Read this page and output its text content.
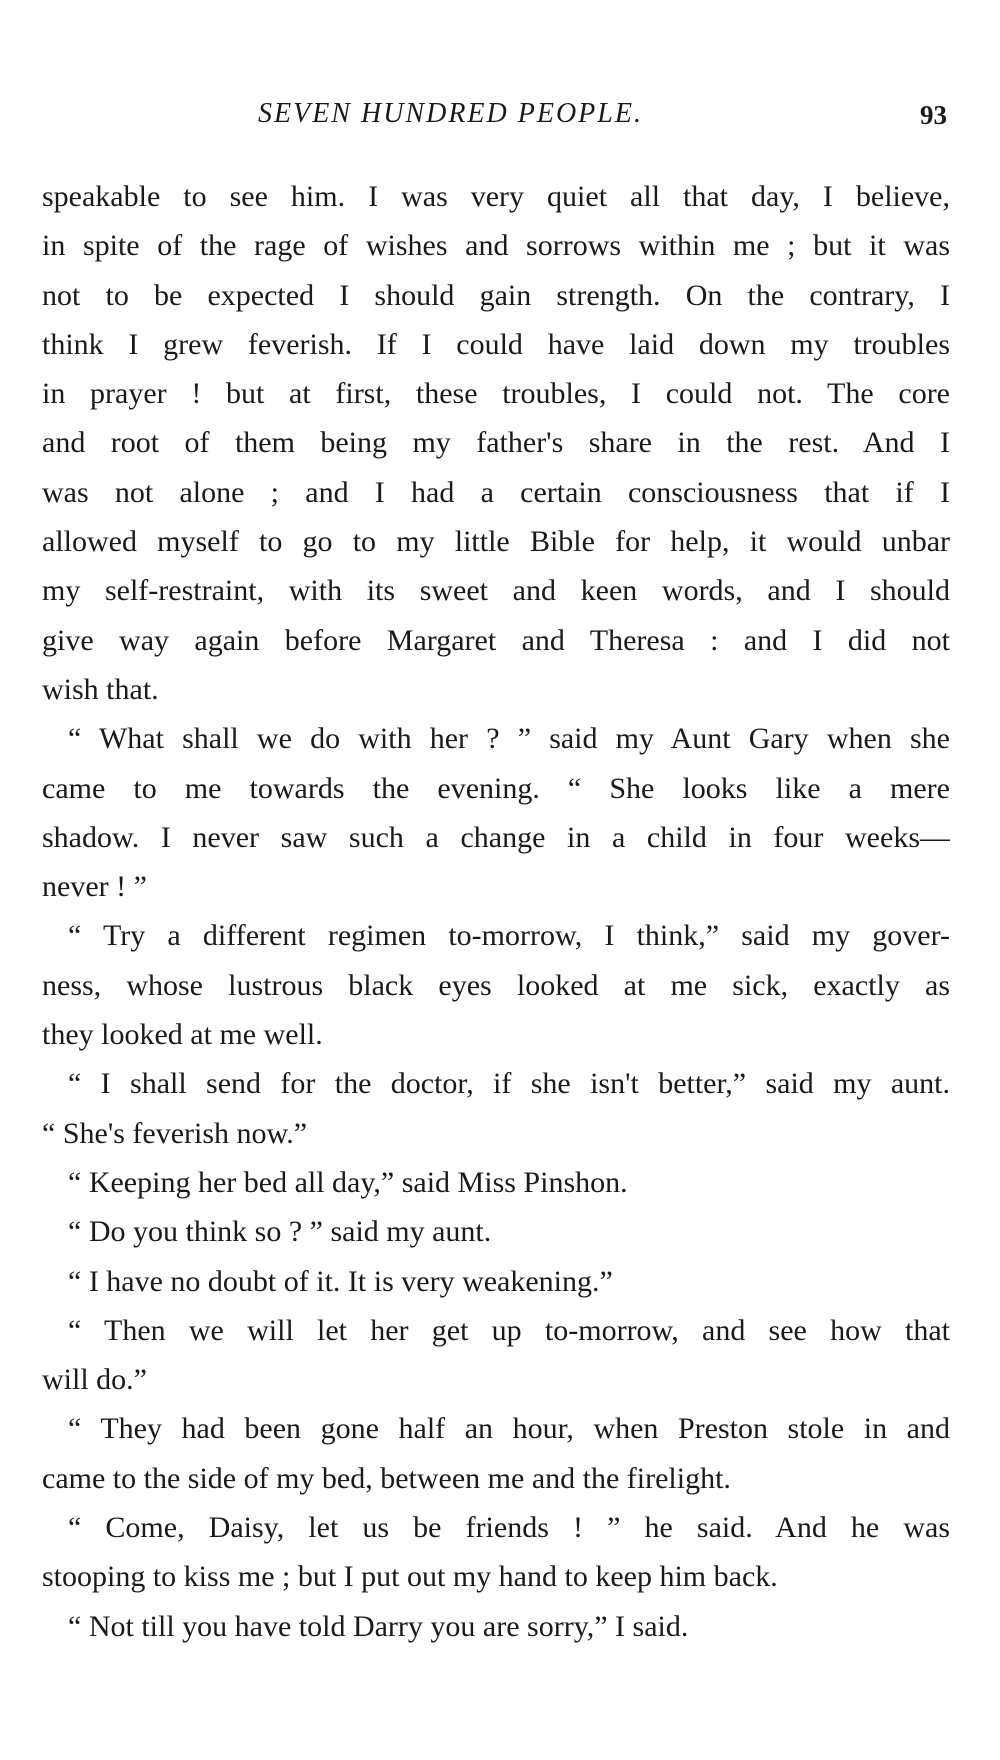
SEVEN HUNDRED PEOPLE.	93
speakable to see him. I was very quiet all that day, I believe,
in spite of the rage of wishes and sorrows within me ; but it was
not to be expected I should gain strength. On the contrary, I
think I grew feverish. If I could have laid down my troubles
in prayer ! but at first, these troubles, I could not. The core
and root of them being my father's share in the rest. And I
was not alone ; and I had a certain consciousness that if I
allowed myself to go to my little Bible for help, it would unbar
my self-restraint, with its sweet and keen words, and I should
give way again before Margaret and Theresa : and I did not
wish that.
“ What shall we do with her ? ” said my Aunt Gary when she
came to me towards the evening. “ She looks like a mere
shadow. I never saw such a change in a child in four weeks—
never ! ”
“ Try a different regimen to-morrow, I think,” said my gover-
ness, whose lustrous black eyes looked at me sick, exactly as
they looked at me well.
“ I shall send for the doctor, if she isn't better,” said my aunt.
“ She's feverish now.”
“ Keeping her bed all day,” said Miss Pinshon.
“ Do you think so ? ” said my aunt.
“ I have no doubt of it. It is very weakening.”
“ Then we will let her get up to-morrow, and see how that
will do.”
“ They had been gone half an hour, when Preston stole in and
came to the side of my bed, between me and the firelight.
“ Come, Daisy, let us be friends ! ” he said. And he was
stooping to kiss me ; but I put out my hand to keep him back.
“ Not till you have told Darry you are sorry,” I said.
